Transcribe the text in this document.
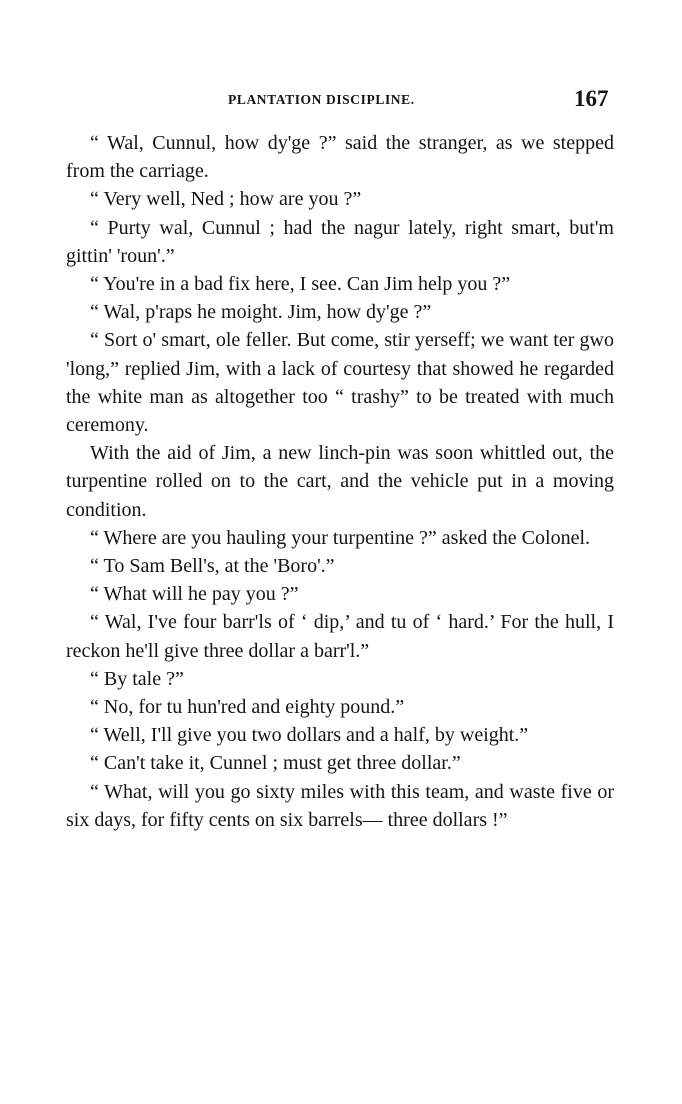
PLANTATION DISCIPLINE.	167

“ Wal, Cunnul, how dy'ge ?” said the stranger, as we stepped from the carriage.

“ Very well, Ned ; how are you ?”

“ Purty wal, Cunnul ; had the nagur lately, right smart, but'm gittin' 'roun'.”

“ You're in a bad fix here, I see. Can Jim help you ?”

“ Wal, p'raps he moight. Jim, how dy'ge ?”

“ Sort o' smart, ole feller. But come, stir yerseff; we want ter gwo 'long,” replied Jim, with a lack of courtesy that showed he regarded the white man as altogether too “ trashy” to be treated with much ceremony.

With the aid of Jim, a new linch-pin was soon whittled out, the turpentine rolled on to the cart, and the vehicle put in a moving condition.

“ Where are you hauling your turpentine ?” asked the Colonel.

“ To Sam Bell's, at the 'Boro'.”

“ What will he pay you ?”

“ Wal, I've four barr'ls of ‘ dip,’ and tu of ‘ hard.’ For the hull, I reckon he'll give three dollar a barr'l.”

“ By tale ?”

“ No, for tu hun'red and eighty pound.”

“ Well, I'll give you two dollars and a half, by weight.”

“ Can't take it, Cunnel ; must get three dollar.”

“ What, will you go sixty miles with this team, and waste five or six days, for fifty cents on six barrels— three dollars !”
